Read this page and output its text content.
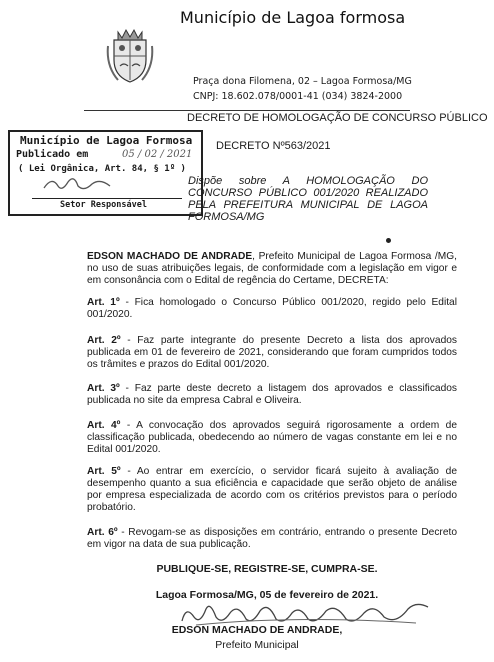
Município de Lagoa formosa
Praça dona Filomena, 02 – Lagoa Formosa/MG
CNPJ: 18.602.078/0001-41 (034) 3824-2000
DECRETO DE HOMOLOGAÇÃO DE CONCURSO PÚBLICO
Município de Lagoa Formosa
Publicado em	05 / 02 / 2021
( Lei Orgânica, Art. 84, § 1º )
Setor Responsável
DECRETO Nº563/2021
Dispõe sobre A HOMOLOGAÇÃO DO CONCURSO PÚBLICO 001/2020 REALIZADO PELA PREFEITURA MUNICIPAL DE LAGOA FORMOSA/MG
EDSON MACHADO DE ANDRADE, Prefeito Municipal de Lagoa Formosa /MG, no uso de suas atribuições legais, de conformidade com a legislação em vigor e em consonância com o Edital de regência do Certame, DECRETA:
Art. 1º - Fica homologado o Concurso Público 001/2020, regido pelo Edital 001/2020.
Art. 2º - Faz parte integrante do presente Decreto a lista dos aprovados publicada em 01 de fevereiro de 2021, considerando que foram cumpridos todos os trâmites e prazos do Edital 001/2020.
Art. 3º - Faz parte deste decreto a listagem dos aprovados e classificados publicada no site da empresa Cabral e Oliveira.
Art. 4º - A convocação dos aprovados seguirá rigorosamente a ordem de classificação publicada, obedecendo ao número de vagas constante em lei e no Edital 001/2020.
Art. 5º - Ao entrar em exercício, o servidor ficará sujeito à avaliação de desempenho quanto a sua eficiência e capacidade que serão objeto de análise por empresa especializada de acordo com os critérios previstos para o período probatório.
Art. 6º - Revogam-se as disposições em contrário, entrando o presente Decreto em vigor na data de sua publicação.
PUBLIQUE-SE, REGISTRE-SE, CUMPRA-SE.
Lagoa Formosa/MG, 05 de fevereiro de 2021.
EDSON MACHADO DE ANDRADE,
Prefeito Municipal
